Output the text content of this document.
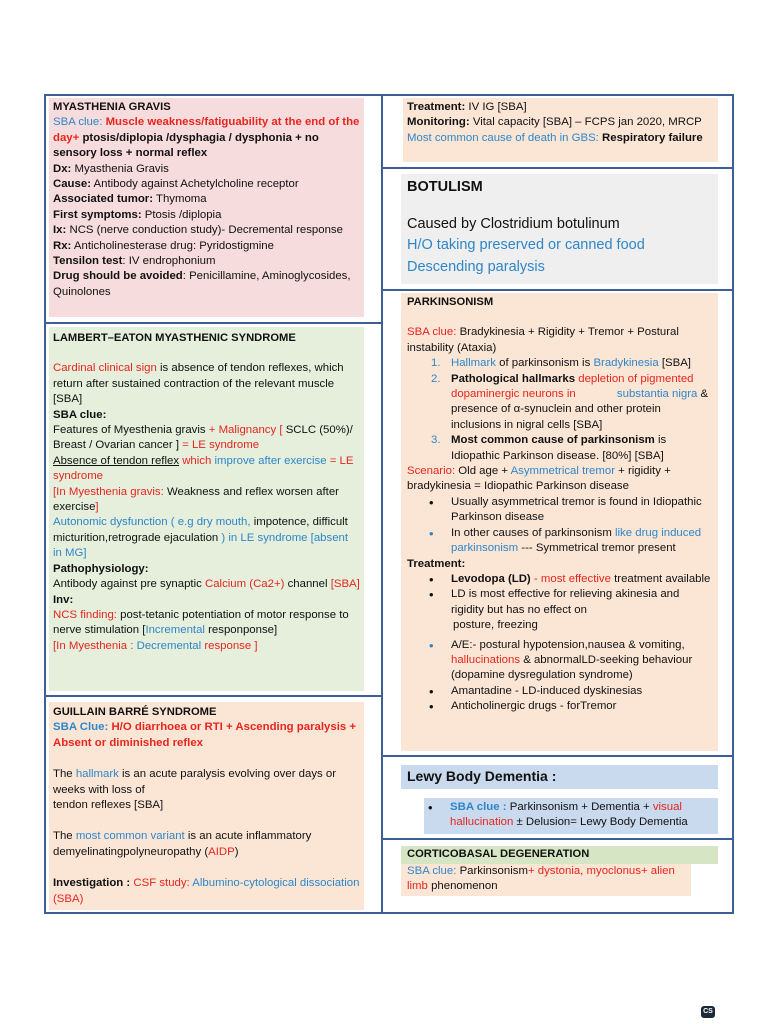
MYASTHENIA GRAVIS
SBA clue: Muscle weakness/fatiguability at the end of the day+ ptosis/diplopia /dysphagia / dysphonia + no sensory loss + normal reflex
Dx: Myasthenia Gravis
Cause: Antibody against Achetylcholine receptor
Associated tumor: Thymoma
First symptoms: Ptosis /diplopia
Ix: NCS (nerve conduction study)- Decremental response
Rx: Anticholinesterase drug: Pyridostigmine
Tensilon test: IV endrophonium
Drug should be avoided: Penicillamine, Aminoglycosides, Quinolones
LAMBERT–EATON MYASTHENIC SYNDROME
Cardinal clinical sign is absence of tendon reflexes, which return after sustained contraction of the relevant muscle [SBA]
SBA clue:
Features of Myesthenia gravis + Malignancy [ SCLC (50%)/ Breast / Ovarian cancer ] = LE syndrome
Absence of tendon reflex which improve after exercise = LE syndrome
[In Myesthenia gravis: Weakness and reflex worsen after exercise]
Autonomic dysfunction ( e.g dry mouth, impotence, difficult micturition,retrograde ejaculation ) in LE syndrome [absent in MG]
Pathophysiology:
Antibody against pre synaptic Calcium (Ca2+) channel [SBA]
Inv:
NCS finding: post-tetanic potentiation of motor response to nerve stimulation [Incremental responponse]
[In Myesthenia : Decremental response ]
GUILLAIN BARRÉ SYNDROME
SBA Clue: H/O diarrhoea or RTI + Ascending paralysis + Absent or diminished reflex
The hallmark is an acute paralysis evolving over days or weeks with loss of
tendon reflexes [SBA]
The most common variant is an acute inflammatory demyelinatingpolyneuropathy (AIDP)
Investigation : CSF study: Albumino-cytological dissociation (SBA)
Treatment: IV IG [SBA]
Monitoring: Vital capacity [SBA] – FCPS jan 2020, MRCP
Most common cause of death in GBS: Respiratory failure
BOTULISM
Caused by Clostridium botulinum
H/O taking preserved or canned food
Descending paralysis
PARKINSONISM
SBA clue: Bradykinesia + Rigidity + Tremor + Postural instability (Ataxia)
1. Hallmark of parkinsonism is Bradykinesia [SBA]
2. Pathological hallmarks depletion of pigmented dopaminergic neurons in	substantia nigra & presence of α-synuclein and other protein inclusions in nigral cells [SBA]
3. Most common cause of parkinsonism is Idiopathic Parkinson disease. [80%] [SBA]
Scenario: Old age + Asymmetrical tremor + rigidity + bradykinesia = Idiopathic Parkinson disease
• Usually asymmetrical tremor is found in Idiopathic Parkinson disease
• In other causes of parkinsonism like drug induced parkinsonism --- Symmetrical tremor present
Treatment:
• Levodopa (LD) - most effective treatment available
• LD is most effective for relieving akinesia and rigidity but has no effect on
posture, freezing
• A/E:- postural hypotension,nausea & vomiting, hallucinations & abnormalLD-seeking behaviour (dopamine dysregulation syndrome)
• Amantadine - LD-induced dyskinesias
• Anticholinergic drugs - forTremor
Lewy Body Dementia :
• SBA clue : Parkinsonism + Dementia + visual hallucination ± Delusion= Lewy Body Dementia
CORTICOBASAL DEGENERATION
SBA clue: Parkinsonism+ dystonia, myoclonus+ alien limb phenomenon
CS
